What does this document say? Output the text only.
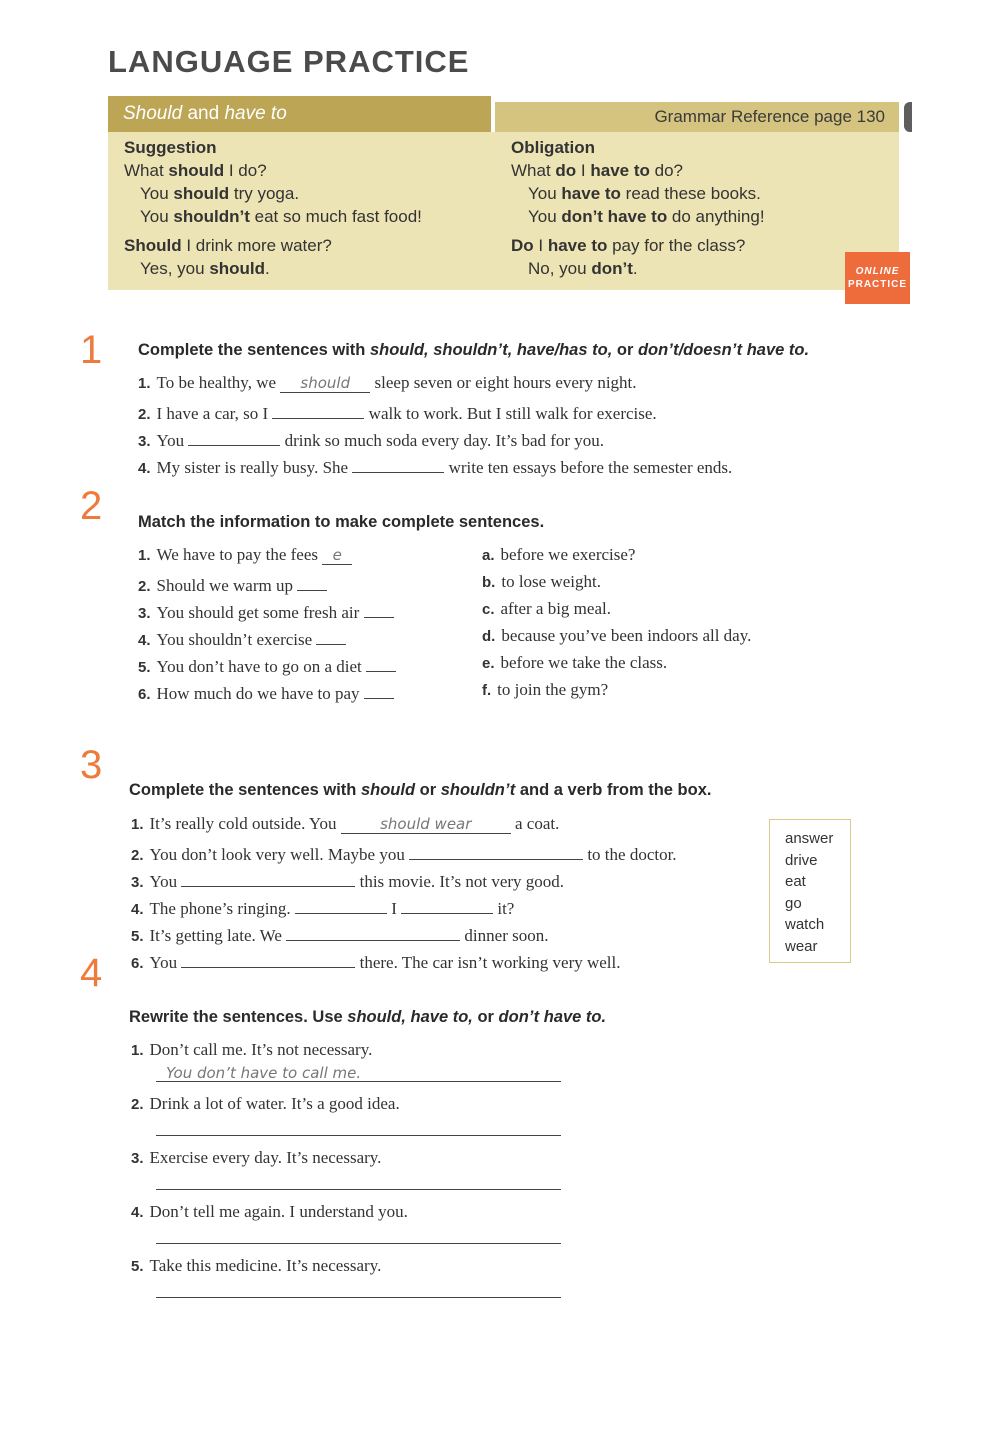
LANGUAGE PRACTICE
Should and have to	Grammar Reference page 130
Suggestion
What should I do?
You should try yoga.
You shouldn’t eat so much fast food!
Should I drink more water?
Yes, you should.
Obligation
What do I have to do?
You have to read these books.
You don’t have to do anything!
Do I have to pay for the class?
No, you don’t.	ONLINE
PRACTICE
1 Complete the sentences with should, shouldn’t, have/has to, or don’t/doesn’t have to.
1. To be healthy, we should sleep seven or eight hours every night.
2. I have a car, so I	walk to work. But I still walk for exercise.
3. You	drink so much soda every day. It’s bad for you.
4. My sister is really busy. She	write ten essays before the semester ends.
2 Match the information to make complete sentences.
1. We have to pay the fees e
2. Should we warm up
3. You should get some fresh air
4. You shouldn’t exercise
5. You don’t have to go on a diet
6. How much do we have to pay
a. before we exercise?
b. to lose weight.
c. after a big meal.
d. because you’ve been indoors all day.
e. before we take the class.
f. to join the gym?
3
Complete the sentences with should or shouldn’t and a verb from the box.
1. It’s really cold outside. You	should wear a coat.
2. You don’t look very well. Maybe you	to the doctor.
3. You	this movie. It’s not very good.
4. The phone’s ringing.	I	it?
5. It’s getting late. We	dinner soon.
6. You	there. The car isn’t working very well.
answer
drive
eat
go
watch
wear
4
Rewrite the sentences. Use should, have to, or don’t have to.
1. Don’t call me. It’s not necessary.
You don’t have to call me.
2. Drink a lot of water. It’s a good idea.
3. Exercise every day. It’s necessary.
4. Don’t tell me again. I understand you.
5. Take this medicine. It’s necessary.
